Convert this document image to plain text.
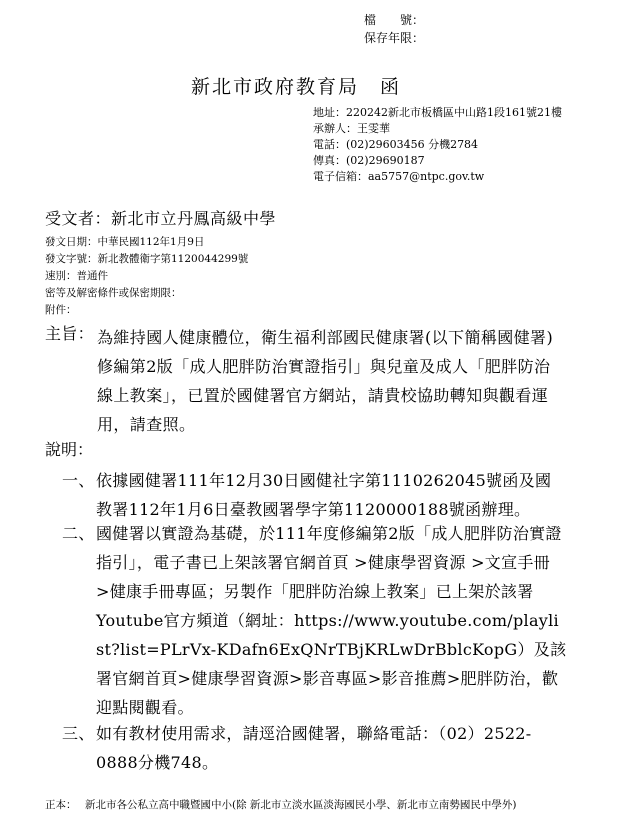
檔　　號：
保存年限：
新北市政府教育局　函
地址：220242新北市板橋區中山路1段161號21樓
承辦人：王雯華
電話：(02)29603456 分機2784
傳真：(02)29690187
電子信箱：aa5757@ntpc.gov.tw
受文者：新北市立丹鳳高級中學
發文日期：中華民國112年1月9日
發文字號：新北教體衛字第1120044299號
速別：普通件
密等及解密條件或保密期限：
附件：
主旨： 為維持國人健康體位，衛生福利部國民健康署(以下簡稱國健署)修編第2版「成人肥胖防治實證指引」與兒童及成人「肥胖防治線上教案」，已置於國健署官方網站，請貴校協助轉知與觀看運用，請查照。
說明：
一、 依據國健署111年12月30日國健社字第1110262045號函及國教署112年1月6日臺教國署學字第1120000188號函辦理。
二、 國健署以實證為基礎，於111年度修編第2版「成人肥胖防治實證指引」，電子書已上架該署官網首頁 >健康學習資源 >文宣手冊 >健康手冊專區；另製作「肥胖防治線上教案」已上架於該署Youtube官方頻道（網址：https://www.youtube.com/playlist?list=PLrVx-KDafn6ExQNrTBjKRLwDrBblcKopG）及該署官網首頁>健康學習資源>影音專區>影音推薦>肥胖防治，歡迎點閱觀看。
三、 如有教材使用需求，請逕洽國健署，聯絡電話：（02）2522-0888分機748。
正本： 新北市各公私立高中職暨國中小(除 新北市立淡水區淡海國民小學、新北市立南勢國民中學外)
